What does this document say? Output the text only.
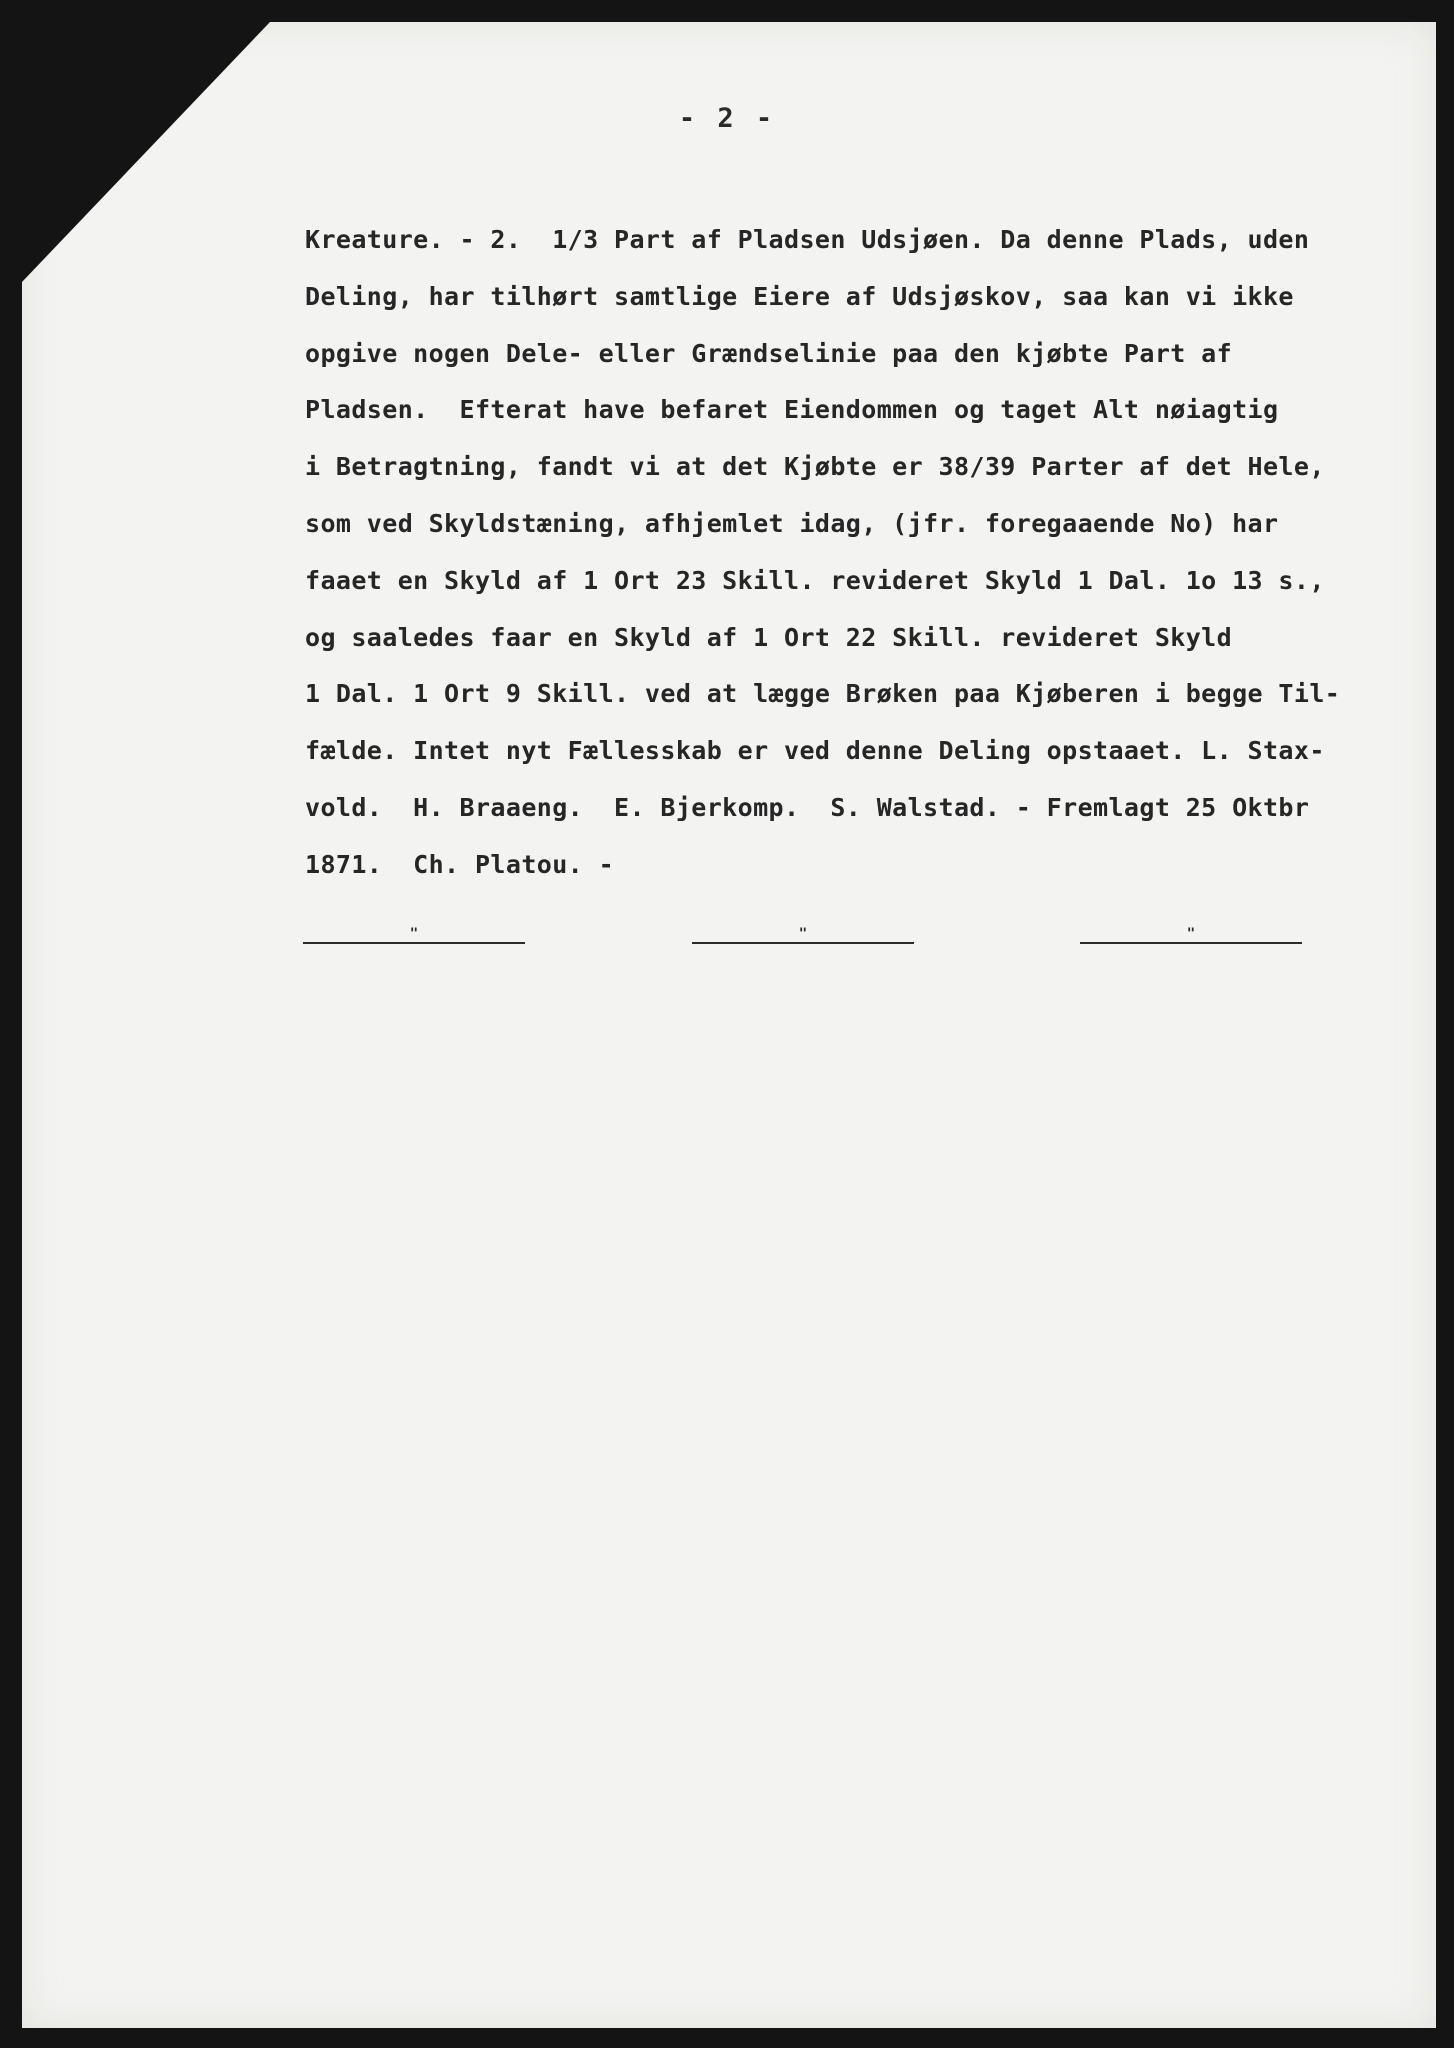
- 2 -
Kreature. - 2.  1/3 Part af Pladsen Udsjøen. Da denne Plads, uden
Deling, har tilhørt samtlige Eiere af Udsjøskov, saa kan vi ikke
opgive nogen Dele- eller Grændselinie paa den kjøbte Part af
Pladsen.  Efterat have befaret Eiendommen og taget Alt nøiagtig
i Betragtning, fandt vi at det Kjøbte er 38/39 Parter af det Hele,
som ved Skyldstæning, afhjemlet idag, (jfr. foregaaende No) har
faaet en Skyld af 1 Ort 23 Skill. revideret Skyld 1 Dal. 1o 13 s.,
og saaledes faar en Skyld af 1 Ort 22 Skill. revideret Skyld
1 Dal. 1 Ort 9 Skill. ved at lægge Brøken paa Kjøberen i begge Til-
fælde. Intet nyt Fællesskab er ved denne Deling opstaaet. L. Stax-
vold.  H. Braaeng.  E. Bjerkomp.  S. Walstad. - Fremlagt 25 Oktbr
1871.  Ch. Platou. -
"	"	"
